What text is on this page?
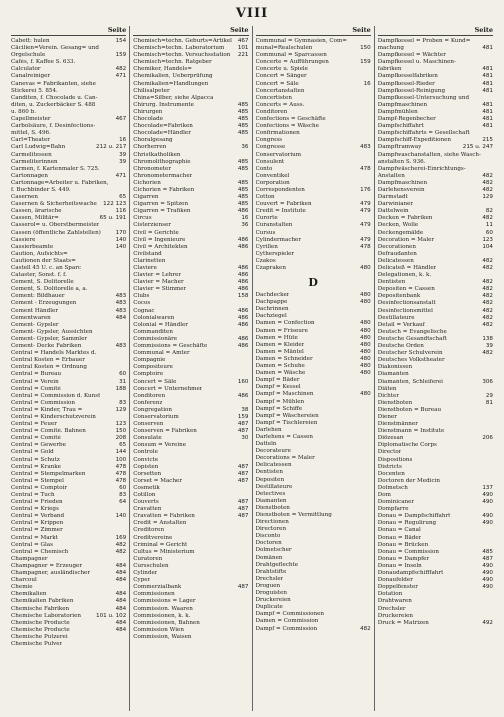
VIII
Seite
Cabett: hulen	154
Cäcilien=Verein. Gesang= und
Orgelschule	159
Cafés, f. Kaffee S. 633.
Calculator	482
Canalreiniger	471
Canevas = Fabrikanten, siehe
Stickerei 5. 854.
Canditen, f. Chocolade u. Can-
diten, u. Zuckerbäcker S. 488
u. 860 b.
Capellmeister	467
Carbolsäure, f. Desinfections-
mittel, S. 496.
Carl=Theater	16
Carl Ludwig=Bahn	212 u. 217
Carmelitessen	39
Carmeliterinnen	39
Carmen, f. Kartenmaler S. 725.
Cartonnagen	471
Cartonnage=Arbeiter u. Fabriken,
f. Buchbinder S. 449.
Casernen	65
Casernen & Sicherheitswache 122 123
Cassen, ärarische	116
Cassen, Militär=	65 u. 191
Casserol= u. Oberstbermeister
Cassen (öffentliche Zahlstellen)	170
Cassiere	140
Cassierbeamte	140
Caution, Aufsichts=
Cautionen der Staats=
Castell 45 U. c. an Sparc
Cataster, Sonst. f. f.
Cement, S. Dolitorelle
Cement, S. Dolitorelle a, a.
Cement: Bildhauer	483
Cement - Erzeugungen	483
Cement Händler	483
Cementwaren	484
Cement- Gypsler
Cement- Gypsler, Aussichten
Cement- Gypsler, Sammler
Cement- Decke Fabriken	483
Central = Handels Marktes d.
Central Kosten = Erbauer
Central Kosten = Ordnung
Central = Bureau	60
Central = Verein	31
Central = Comité	188
Central = Commission d. Kunst
Central = Commission	83
Central = Kinder, Trau =	129
Central = Kinderschutzverein
Central = Feuer	123
Central = Comité. Bahnen	150
Central = Comité	208
Central = Gewerbe	65
Central = Gold	144
Central = Schutz	100
Central = Kranke	478
Central = Stempelmarken	478
Central = Stempel	478
Central = Comptoir	60
Central = Tuch	83
Central = Frieden	64
Central = Kriegs
Central = Verband	140
Central = Krippen
Central = Zimmer
Central = Markt	169
Central = Glas	482
Central = Chemisch	482
Champagner
Champagner = Erzeuger	484
Champagner, ausländischer	484
Charcoul	484
Chemie
Chemikalien	484
Chemikalien Fabriken	484
Chemische Fabriken	484
Chemische Laboratorien	101 u. 102
Chemische Producte	484
Chemische Producte	484
Chemische Putzerei
Chemische Pulver
Seite
Chemisch=techn. Geburts=Artikel 467
Chemisch=techn. Laboratorium 101
Chemisch=techn. Versuchsstation 221
Chemisch=techn. Ratgeber
Chemiker, Handels=
Chemikalien, Ueberprüfung
Chemikalien=Handlungen
Chilisalpeter
China=Silber, siehe Alpacca
Chirurg. Instrumente	485
Chirurgen	485
Chocolade	485
Chocolade=Fabriken	485
Chocolade=Händler	485
Choralgesang
Chorherren	36
Christkatholiken
Chromolithographie	485
Chronometer	485
Chronometermacher
Cichorien	485
Cichorien = Fabriken	485
Cigarren	485
Cigarren = Spitzen	485
Cigarren = Trafiken	486
Circus	16
Cisterzienser	36
Civil = Gerichte
Civil = Ingenieure	486
Civil = Architekten	486
Civilstand
Clarinetten
Claviere	486
Clavier = Lehrer	486
Clavier = Macher	486
Clavier = Stimmer	486
Clubs	158
Cocos
Cognac	486
Colonialwaren	486
Colonial = Händler	486
Commanditen
Commissionäre	486
Commissions = Geschäfte	486
Communal = Ämter
Compagnie
Compositeure
Comptoire
Concert = Säle	160
Concert = Unternehmer
Conditoren	486
Conferenz
Congregation	38
Conservatorium	159
Conserven	487
Conserven = Fabriken	487
Consulate	30
Consum = Vereine
Controle
Convicte
Copisten	487
Corsetten	487
Corset = Macher	487
Cosmetik
Cotillon
Couverts	487
Cravatten	487
Cravatten = Fabriken	487
Credit = Anstalten
Creditoren
Creditvereine
Criminal = Gericht
Cultus = Ministerium
Curatoren
Cursschulen
Cylinder
Cyper
Commerzialbank	487
Commissionen
Commissions = Lager
Commission. Waaren
Commissionen, k. k.
Commissionen, Bahnen
Commission Wien
Commission, Waisen
Seite
Communal = Gymnasien, Com=
munal=Realschulen	150
Communal = Sparcassen
Concerte = Aufführungen	159
Concerte u. Spiele
Concert = Sänger
Concert = Säle	16
Concertanstalten
Concertisten
Concerts = Auss.
Conditoren
Confections = Geschäfte
Confections = Wäsche
Confirmationen
Congress
Congresse	483
Conservatorium
Consulent
Conto	478
Conventikel
Corporation
Correspondenten	176
Cotton
Couvert = Fabriken	479
Credit = Institute	479
Curorte
Curanstalten	479
Cursus
Cylindermacher	479
Cyrillen	478
Cytherspieler
Czakos
Czapraken	480
D
Dachdecker	480
Dachpappe	480
Dachrinnen
Dachziegel
Damen = Confection	480
Damen = Friseure	480
Damen = Hüte	480
Damen = Kleider	480
Damen = Mäntel	480
Damen = Schneider	480
Damen = Schuhe	480
Damen = Wäsche	480
Dampf = Bäder
Dampf = Kessel
Dampf = Maschinen	480
Dampf = Mühlen
Dampf = Schiffe
Dampf = Wäschereien
Dampf = Tischlereien
Darlehen
Darlehens = Cassen
Datteln
Decorateure
Decorations = Maler
Delicatessen
Dentisten
Depositen
Destillateure
Detectives
Diamanten
Dienstboten
Dienstboten = Vermittlung
Directionen
Directoren
Disconto
Doctoren
Dolmetscher
Domänen
Drahtgeflechte
Drahtstifte
Drechsler
Droguen
Droguisten
Druckereien
Duplicate
Dampf = Commissionen
Damen = Commission
Dampf = Commission	482
Seite
Dampfkessel = Proben = Kund=
machung	481
Dampfkessel = Wächter
Dampfkessel u. Maschinen-
fabriken	481
Dampfkesselfabriken	481
Dampfkessel-Rieder	481
Dampfkessel-Reinigung	481
Dampfkessel-Untersuchung und
Dampfmaschinen	481
Dampfmühlen	481
Dampf-Regenbecher	481
Dampfschiffahrt	481
Dampfschiffahrts = Gesellschaft
Dampfschiff-Expeditionen	215
Dampftramway	215 u. 247
Dampfwaschanstalten, siehe Wasch-
anstalten S. 936.
Dampfwäscherei-Einrichtungs-
Anstalten	482
Dampfmaschinen	482
Darlehensverein	482
Darmstadt	129
Darwinianer
Dattelwein	82
Decken = Fabriken	482
Decken, Wolle	11
Deckengemälde	60
Decoration = Maler	123
Decorationen	104
Defraudanten
Delicatessen	482
Delicateß = Händler	482
Delegationen, k. k.
Dentisten	482
Depositen = Cassen	482
Depositenbank	482
Desinfectionsanstalt	482
Desinfectionsmittel	482
Destillateure	482
Detail = Verkauf	482
Deutsch = Evangelische
Deutsche Gesandtschaft	138
Deutsche Orden	39
Deutscher Schulverein	482
Deutsches Volkstheater
Diakonissen
Diamanten
Diamanten, Schleiferei	306
Diäten
Dichter	29
Dienstboten	81
Dienstboten = Bureau
Diener
Dienstmänner
Dienstmann = Institute
Diözesan	206
Diplomatische Corps
Director
Dispositions
Districts
Docenten
Doctoren der Medicin
Dolmetsch	137
Dom	490
Dominicaner	490
Dompfarre
Donau = Dampfschiffahrt	490
Donau = Regulirung	490
Donau = Canal
Donau = Bäder
Donau = Brücken
Donau = Commission	485
Donau = Dampfer	487
Donau = Inseln	490
Donaudampfschifffahrt	490
Donaufelder	490
Doppelfenster	490
Dotation
Drahtwaren
Drechsler
Druckereien
Druck = Matrizen	492
